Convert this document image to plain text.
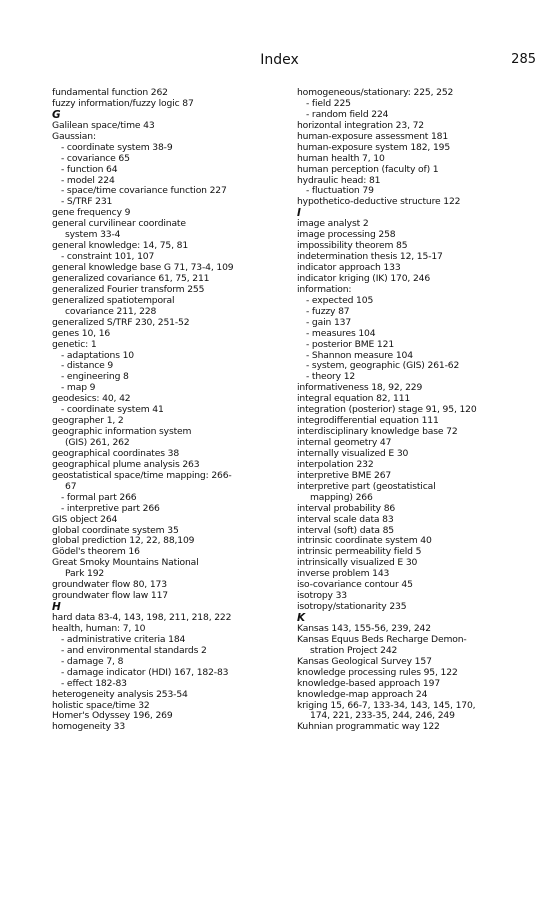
Index	285
fundamental function 262
fuzzy information/fuzzy logic 87
G
Galilean space/time 43
Gaussian:
- coordinate system 38-9
- covariance 65
- function 64
- model 224
- space/time covariance function 227
- S/TRF 231
gene frequency 9
general curvilinear coordinate
system 33-4
general knowledge: 14, 75, 81
- constraint 101, 107
general knowledge base G 71, 73-4, 109
generalized covariance 61, 75, 211
generalized Fourier transform 255
generalized spatiotemporal
covariance 211, 228
generalized S/TRF 230, 251-52
genes 10, 16
genetic: 1
- adaptations 10
- distance 9
- engineering 8
- map 9
geodesics: 40, 42
- coordinate system 41
geographer 1, 2
geographic information system
(GIS) 261, 262
geographical coordinates 38
geographical plume analysis 263
geostatistical space/time mapping: 266-
67
- formal part 266
- interpretive part 266
GIS object 264
global coordinate system 35
global prediction 12, 22, 88,109
Gödel's theorem 16
Great Smoky Mountains National
Park 192
groundwater flow 80, 173
groundwater flow law 117
H
hard data 83-4, 143, 198, 211, 218, 222
health, human: 7, 10
- administrative criteria 184
- and environmental standards 2
- damage 7, 8
- damage indicator (HDI) 167, 182-83
- effect 182-83
heterogeneity analysis 253-54
holistic space/time 32
Homer's Odyssey 196, 269
homogeneity 33
homogeneous/stationary: 225, 252
- field 225
- random field 224
horizontal integration 23, 72
human-exposure assessment 181
human-exposure system 182, 195
human health 7, 10
human perception (faculty of) 1
hydraulic head: 81
- fluctuation 79
hypothetico-deductive structure 122
I
image analyst 2
image processing 258
impossibility theorem 85
indetermination thesis 12, 15-17
indicator approach 133
indicator kriging (IK) 170, 246
information:
- expected 105
- fuzzy 87
- gain 137
- measures 104
- posterior BME 121
- Shannon measure 104
- system, geographic (GIS) 261-62
- theory 12
informativeness 18, 92, 229
integral equation 82, 111
integration (posterior) stage 91, 95, 120
integrodifferential equation 111
interdisciplinary knowledge base 72
internal geometry 47
internally visualized E 30
interpolation 232
interpretive BME 267
interpretive part (geostatistical
mapping) 266
interval probability 86
interval scale data 83
interval (soft) data 85
intrinsic coordinate system 40
intrinsic permeability field 5
intrinsically visualized E 30
inverse problem 143
iso-covariance contour 45
isotropy 33
isotropy/stationarity 235
K
Kansas 143, 155-56, 239, 242
Kansas Equus Beds Recharge Demon-
stration Project 242
Kansas Geological Survey 157
knowledge processing rules 95, 122
knowledge-based approach 197
knowledge-map approach 24
kriging 15, 66-7, 133-34, 143, 145, 170,
174, 221, 233-35, 244, 246, 249
Kuhnian programmatic way 122
